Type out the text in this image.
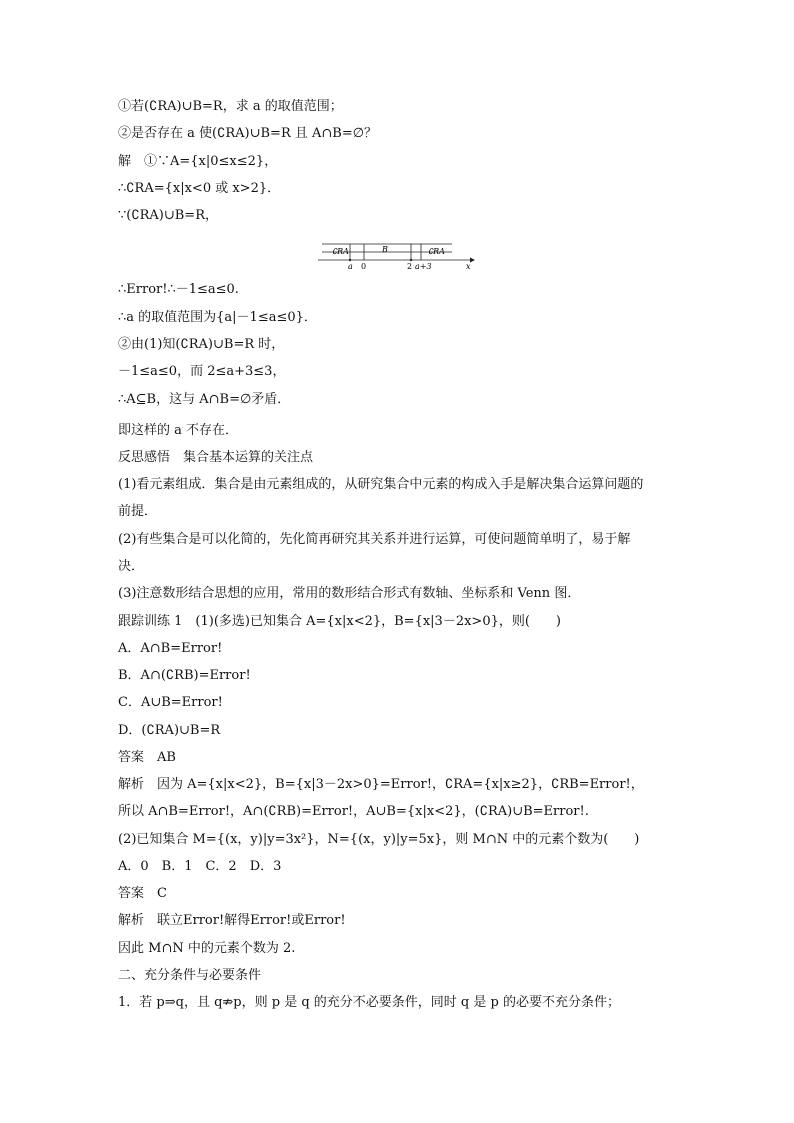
①若(∁RA)∪B=R，求 a 的取值范围；
②是否存在 a 使(∁RA)∪B=R 且 A∩B=∅？
解　①∵A={x|0≤x≤2}，
∴∁RA={x|x<0 或 x>2}．
∵(∁RA)∪B=R，
∁RA	B	∁RA
a 0	2 a+3	x
∴Error!∴－1≤a≤0.
∴a 的取值范围为{a|－1≤a≤0}．
②由(1)知(∁RA)∪B=R 时，
－1≤a≤0，而 2≤a+3≤3，
∴A⊆B，这与 A∩B=∅矛盾．
即这样的 a 不存在．
反思感悟　集合基本运算的关注点
(1)看元素组成．集合是由元素组成的，从研究集合中元素的构成入手是解决集合运算问题的
前提．
(2)有些集合是可以化简的，先化简再研究其关系并进行运算，可使问题简单明了，易于解
决．
(3)注意数形结合思想的应用，常用的数形结合形式有数轴、坐标系和 Venn 图．
跟踪训练 1　(1)(多选)已知集合 A={x|x<2}，B={x|3－2x>0}，则(　　)
A．A∩B=Error!
B．A∩(∁RB)=Error!
C．A∪B=Error!
D．(∁RA)∪B=R
答案　AB
解析　因为 A={x|x<2}，B={x|3－2x>0}=Error!，∁RA={x|x≥2}，∁RB=Error!，
所以 A∩B=Error!，A∩(∁RB)=Error!，A∪B={x|x<2}，(∁RA)∪B=Error!.
(2)已知集合 M={(x，y)|y=3x²}，N={(x，y)|y=5x}，则 M∩N 中的元素个数为(　　)
A．0　B．1　C．2　D．3
答案　C
解析　联立Error!解得Error!或Error!
因此 M∩N 中的元素个数为 2.
二、充分条件与必要条件
1．若 p⇒q，且 q⇏p，则 p 是 q 的充分不必要条件，同时 q 是 p 的必要不充分条件；
